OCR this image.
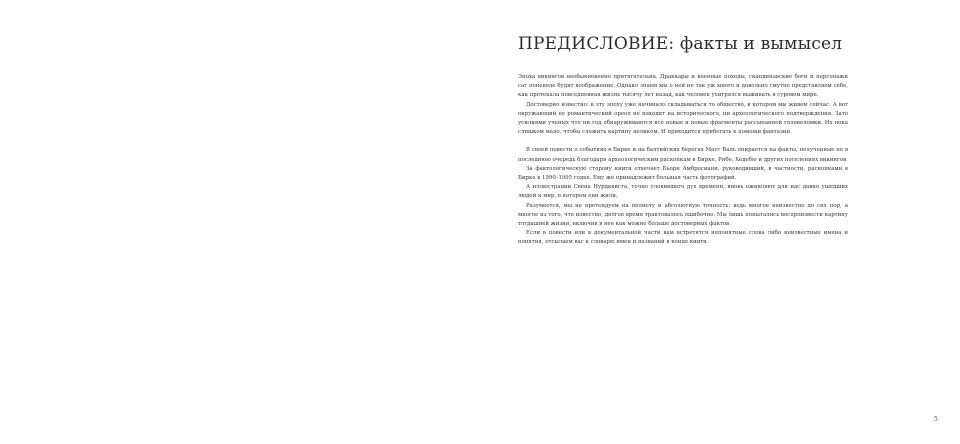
ПРЕДИСЛОВИЕ: факты и вымысел

Эпоха викингов необыкновенно притягательна. Драккары и военные походы, скандинавские боги и персонажи саг поневоле будят воображение. Однако знаем мы о ней не так уж много и довольно смутно представляем себе, как протекала повседневная жизнь тысячу лет назад, как человек ухитрялся выживать в суровом мире.

Достоверно известно: в эту эпоху уже начинало складываться то общество, в котором мы живем сейчас. А вот окружающий ее романтический ореол не находит на исторического, ни археологического подтверждения. Зато усилиями ученых что ни год обнаруживаются все новые и новые фрагменты рассыпанной головоломки. Их пока слишком мало, чтобы сложить картину целиком. И приходится прибегать к помощи фантазии.

В своей повести о событиях в Бирке и на балтийских берегах Матс Валь опирается на факты, полученные не в последнюю очередь благодаря археологическим раскопкам в Бирке, Рибе, Хедебю и других поселениях викингов.

За фактологическую сторону книги отвечает Бьорн Амбросиани, руководивший, в частности, раскопками в Бирке в 1990–1995 годах. Ему же принадлежит большая часть фотографий.

А иллюстрации Свена Нурдквиста, точно уловившего дух времени, вновь оживляют для нас давно ушедших людей и мир, в котором они жили.

Разумеется, мы не претендуем на полноту и абсолютную точность: ведь многое неизвестно до сих пор, а многое из того, что известно, долгое время трактовалось ошибочно. Мы лишь попытались воспроизвести картину тогдашней жизни, включив в нее как можно больше достоверных фактов.

Если в повести или в документальной части вам встретятся непонятные слова либо неизвестные имена и понятия, отсылаем вас к словарю имен и названий в конце книги.

5
